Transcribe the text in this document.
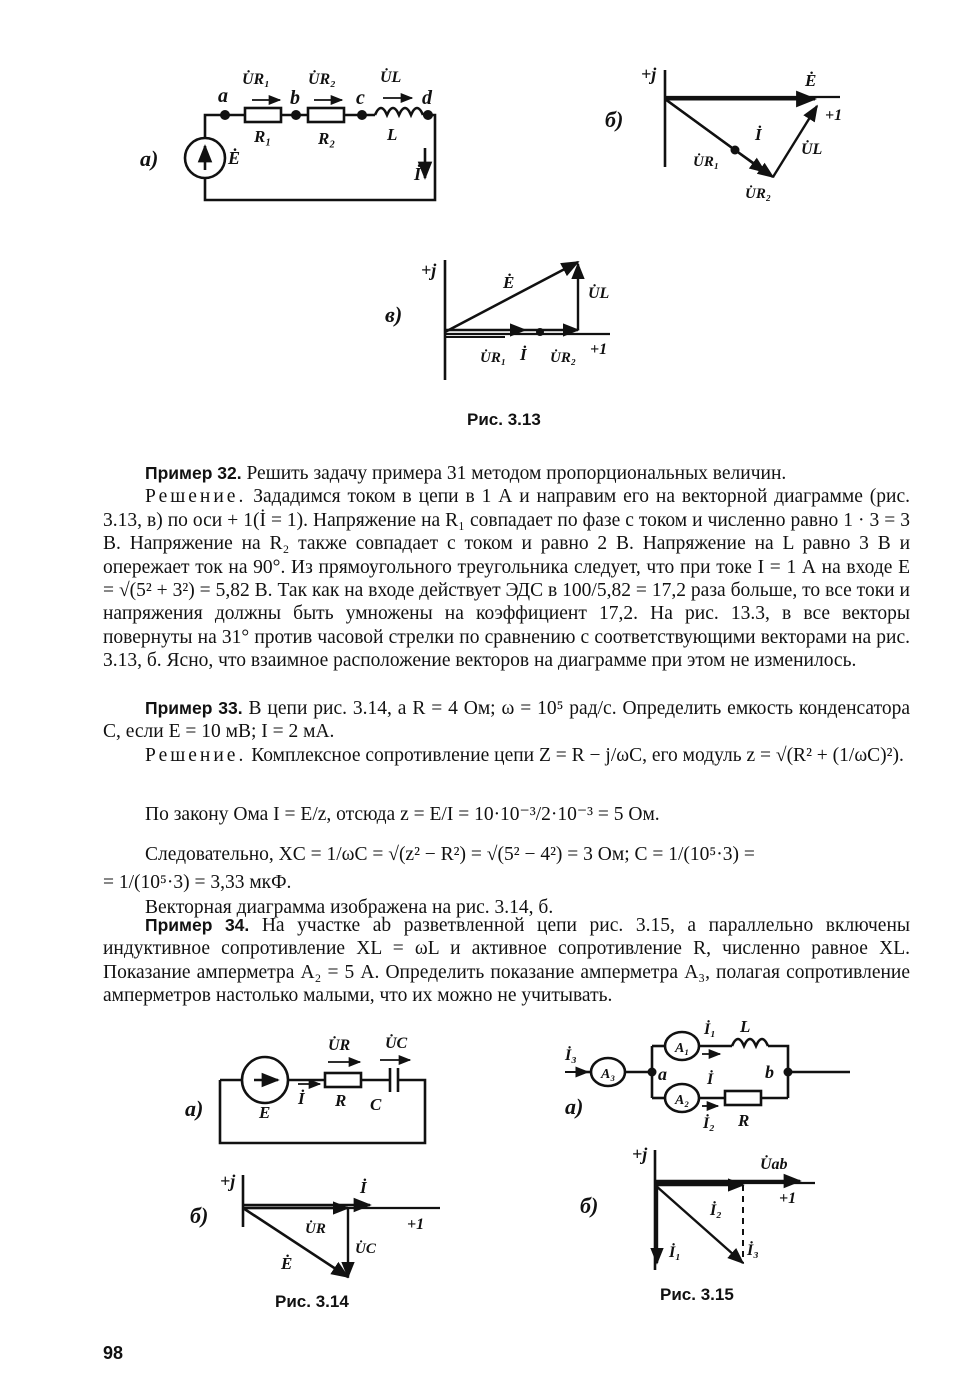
a	b	c	d
R₁	R₂	L
U̇R₁ U̇R₂	U̇L
Ė
İ
а)
+j
+1
Ė
İ
U̇R₁
U̇R₂
U̇L
б)
+j
+1
Ė
U̇L
U̇R₁ İ U̇R₂
в)
Рис. 3.13

Пример 32. Решить задачу примера 31 методом пропорциональных величин.

Решение. Зададимся током в цепи в 1 А и направим его на векторной диаграмме (рис. 3.13, в) по оси + 1(İ = 1). Напряжение на R₁ совпадает по фазе с током и численно равно 1 · 3 = 3 В. Напряжение на R₂ также совпадает с током и равно 2 В. Напряжение на L равно 3 В и опережает ток на 90°. Из прямоугольного треугольника следует, что при токе I = 1 А на входе E = √(5² + 3²) = 5,82 В. Так как на входе действует ЭДС в 100/5,82 = 17,2 раза больше, то все токи и напряжения должны быть умножены на коэффициент 17,2. На рис. 13.3, в все векторы повернуты на 31° против часовой стрелки по сравнению с соответствующими векторами на рис. 3.13, б. Ясно, что взаимное расположение векторов на диаграмме при этом не изменилось.

Пример 33. В цепи рис. 3.14, а R = 4 Ом; ω = 10⁵ рад/с. Определить емкость конденсатора C, если E = 10 мВ; I = 2 мА.

Решение. Комплексное сопротивление цепи Z = R − j/ωC, его модуль z = √(R² + (1/ωC)²).

По закону Ома I = E/z, отсюда z = E/I = 10·10⁻³/2·10⁻³ = 5 Ом.
Следовательно, XC = 1/ωC = √(z² − R²) = √(5² − 4²) = 3 Ом; C = 1/(10⁵·3) =
= 1/(10⁵·3) = 3,33 мкФ.

Векторная диаграмма изображена на рис. 3.14, б.

Пример 34. На участке ab разветвленной цепи рис. 3.15, а параллельно включены индуктивное сопротивление XL = ωL и активное сопротивление R, численно равное XL. Показание амперметра A₂ = 5 А. Определить показание амперметра A₃, полагая сопротивление амперметров настолько малыми, что их можно не учитывать.

E
İ R C
U̇R U̇C
а)
+j
+1
İ
U̇R
U̇C
Ė
б)
Рис. 3.14
A₃
A₁
A₂
a	b
L
R
İ₁
İ₂
İ₃
İ
а)
+j
+1
U̇ab
İ₂
İ₁	İ₃
б)
Рис. 3.15
98
